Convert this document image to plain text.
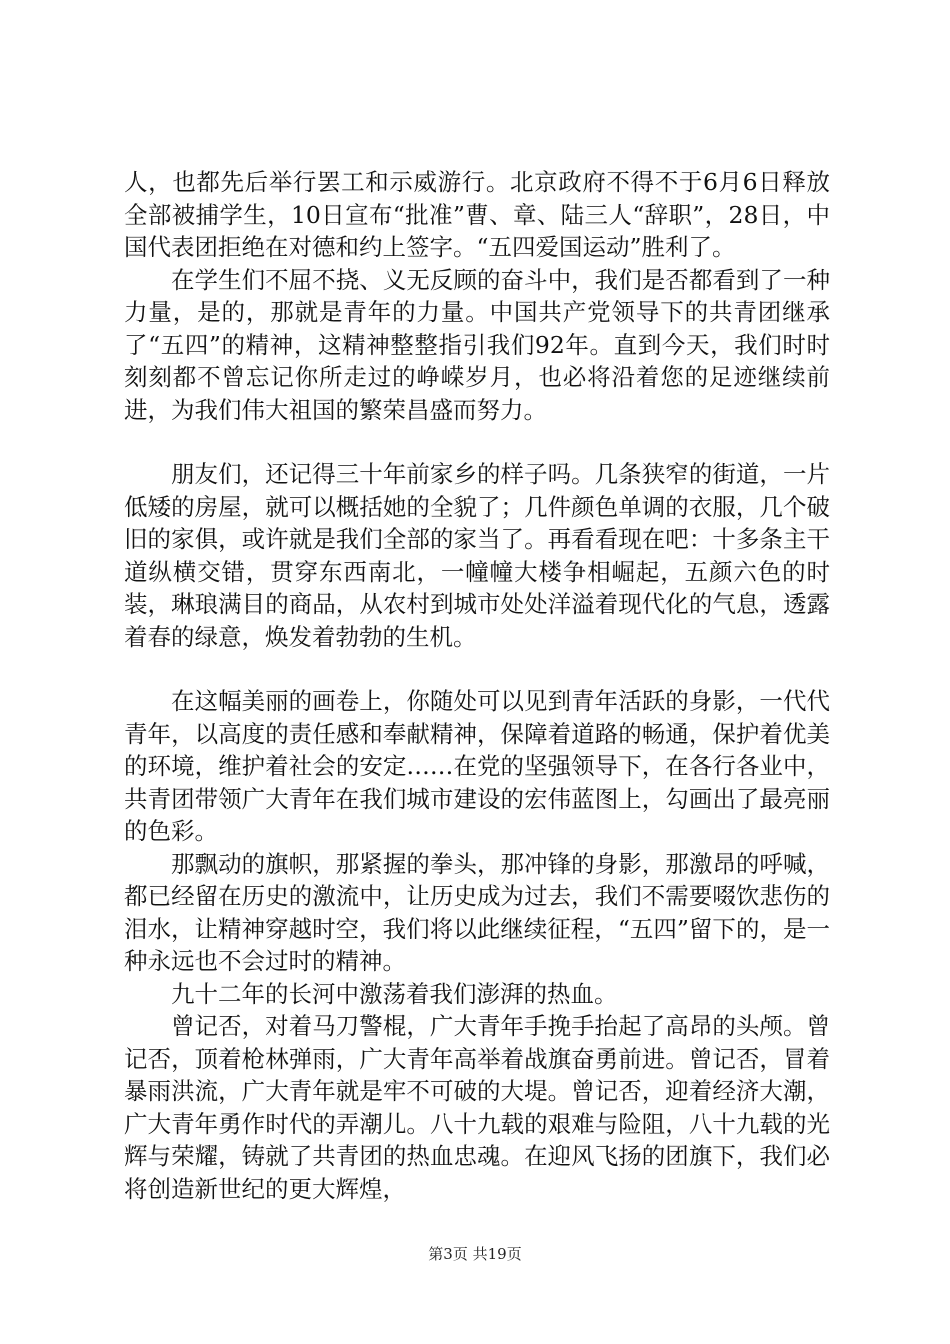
人，也都先后举行罢工和示威游行。北京政府不得不于6月6日释放全部被捕学生，10日宣布“批准”曹、章、陆三人“辞职”，28日，中国代表团拒绝在对德和约上签字。“五四爱国运动”胜利了。

在学生们不屈不挠、义无反顾的奋斗中，我们是否都看到了一种力量，是的，那就是青年的力量。中国共产党领导下的共青团继承了“五四”的精神，这精神整整指引我们92年。直到今天，我们时时刻刻都不曾忘记你所走过的峥嵘岁月，也必将沿着您的足迹继续前进，为我们伟大祖国的繁荣昌盛而努力。

朋友们，还记得三十年前家乡的样子吗。几条狭窄的街道，一片低矮的房屋，就可以概括她的全貌了；几件颜色单调的衣服，几个破旧的家俱，或许就是我们全部的家当了。再看看现在吧：十多条主干道纵横交错，贯穿东西南北，一幢幢大楼争相崛起，五颜六色的时装，琳琅满目的商品，从农村到城市处处洋溢着现代化的气息，透露着春的绿意，焕发着勃勃的生机。

在这幅美丽的画卷上，你随处可以见到青年活跃的身影，一代代青年，以高度的责任感和奉献精神，保障着道路的畅通，保护着优美的环境，维护着社会的安定……在党的坚强领导下，在各行各业中，共青团带领广大青年在我们城市建设的宏伟蓝图上，勾画出了最亮丽的色彩。

那飘动的旗帜，那紧握的拳头，那冲锋的身影，那激昂的呼喊，都已经留在历史的激流中，让历史成为过去，我们不需要啜饮悲伤的泪水，让精神穿越时空，我们将以此继续征程，“五四”留下的，是一种永远也不会过时的精神。

九十二年的长河中激荡着我们澎湃的热血。

曾记否，对着马刀警棍，广大青年手挽手抬起了高昂的头颅。曾记否，顶着枪林弹雨，广大青年高举着战旗奋勇前进。曾记否，冒着暴雨洪流，广大青年就是牢不可破的大堤。曾记否，迎着经济大潮，广大青年勇作时代的弄潮儿。八十九载的艰难与险阻，八十九载的光辉与荣耀，铸就了共青团的热血忠魂。在迎风飞扬的团旗下，我们必将创造新世纪的更大辉煌，

第3页 共19页
